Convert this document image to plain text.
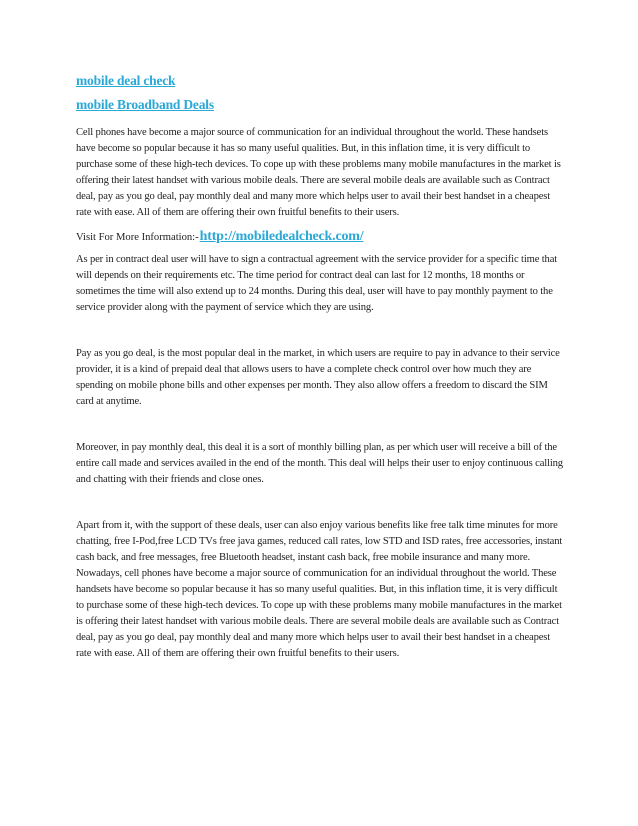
mobile deal check
mobile Broadband Deals

Cell phones have become a major source of communication for an individual throughout the world. These handsets have become so popular because it has so many useful qualities. But, in this inflation time, it is very difficult to purchase some of these high-tech devices. To cope up with these problems many mobile manufactures in the market is offering their latest handset with various mobile deals. There are several mobile deals are available such as Contract deal, pay as you go deal, pay monthly deal and many more which helps user to avail their best handset in a cheapest rate with ease. All of them are offering their own fruitful benefits to their users.

Visit For More Information:- http://mobiledealcheck.com/

As per in contract deal user will have to sign a contractual agreement with the service provider for a specific time that will depends on their requirements etc. The time period for contract deal can last for 12 months, 18 months or sometimes the time will also extend up to 24 months. During this deal, user will have to pay monthly payment to the service provider along with the payment of service which they are using.

Pay as you go deal, is the most popular deal in the market, in which users are require to pay in advance to their service provider, it is a kind of prepaid deal that allows users to have a complete check control over how much they are spending on mobile phone bills and other expenses per month. They also allow offers a freedom to discard the SIM card at anytime.

Moreover, in pay monthly deal, this deal it is a sort of monthly billing plan, as per which user will receive a bill of the entire call made and services availed in the end of the month. This deal will helps their user to enjoy continuous calling and chatting with their friends and close ones.

Apart from it, with the support of these deals, user can also enjoy various benefits like free talk time minutes for more chatting, free I-Pod,free LCD TVs free java games, reduced call rates, low STD and ISD rates, free accessories, instant cash back, and free messages, free Bluetooth headset, instant cash back, free mobile insurance and many more. Nowadays, cell phones have become a major source of communication for an individual throughout the world. These handsets have become so popular because it has so many useful qualities. But, in this inflation time, it is very difficult to purchase some of these high-tech devices. To cope up with these problems many mobile manufactures in the market is offering their latest handset with various mobile deals. There are several mobile deals are available such as Contract deal, pay as you go deal, pay monthly deal and many more which helps user to avail their best handset in a cheapest rate with ease. All of them are offering their own fruitful benefits to their users.
